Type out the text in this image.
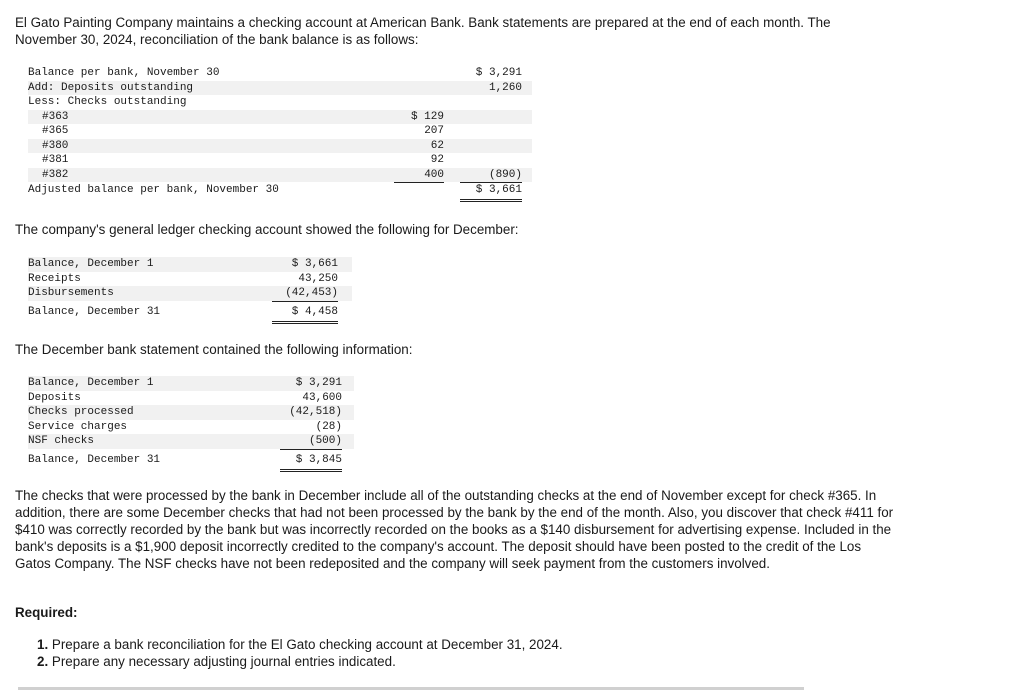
El Gato Painting Company maintains a checking account at American Bank. Bank statements are prepared at the end of each month. The November 30, 2024, reconciliation of the bank balance is as follows:
Balance per bank, November 30	$ 3,291
Add: Deposits outstanding	1,260
Less: Checks outstanding
#363	$ 129
#365	207
#380	62
#381	92
#382	400	(890)
Adjusted balance per bank, November 30	$ 3,661
The company's general ledger checking account showed the following for December:
Balance, December 1	$ 3,661
Receipts	43,250
Disbursements	(42,453)
Balance, December 31	$ 4,458
The December bank statement contained the following information:
Balance, December 1	$ 3,291
Deposits	43,600
Checks processed	(42,518)
Service charges	(28)
NSF checks	(500)
Balance, December 31	$ 3,845
The checks that were processed by the bank in December include all of the outstanding checks at the end of November except for check #365. In addition, there are some December checks that had not been processed by the bank by the end of the month. Also, you discover that check #411 for $410 was correctly recorded by the bank but was incorrectly recorded on the books as a $140 disbursement for advertising expense. Included in the bank's deposits is a $1,900 deposit incorrectly credited to the company's account. The deposit should have been posted to the credit of the Los Gatos Company. The NSF checks have not been redeposited and the company will seek payment from the customers involved.
Required:
1. Prepare a bank reconciliation for the El Gato checking account at December 31, 2024.
2. Prepare any necessary adjusting journal entries indicated.
